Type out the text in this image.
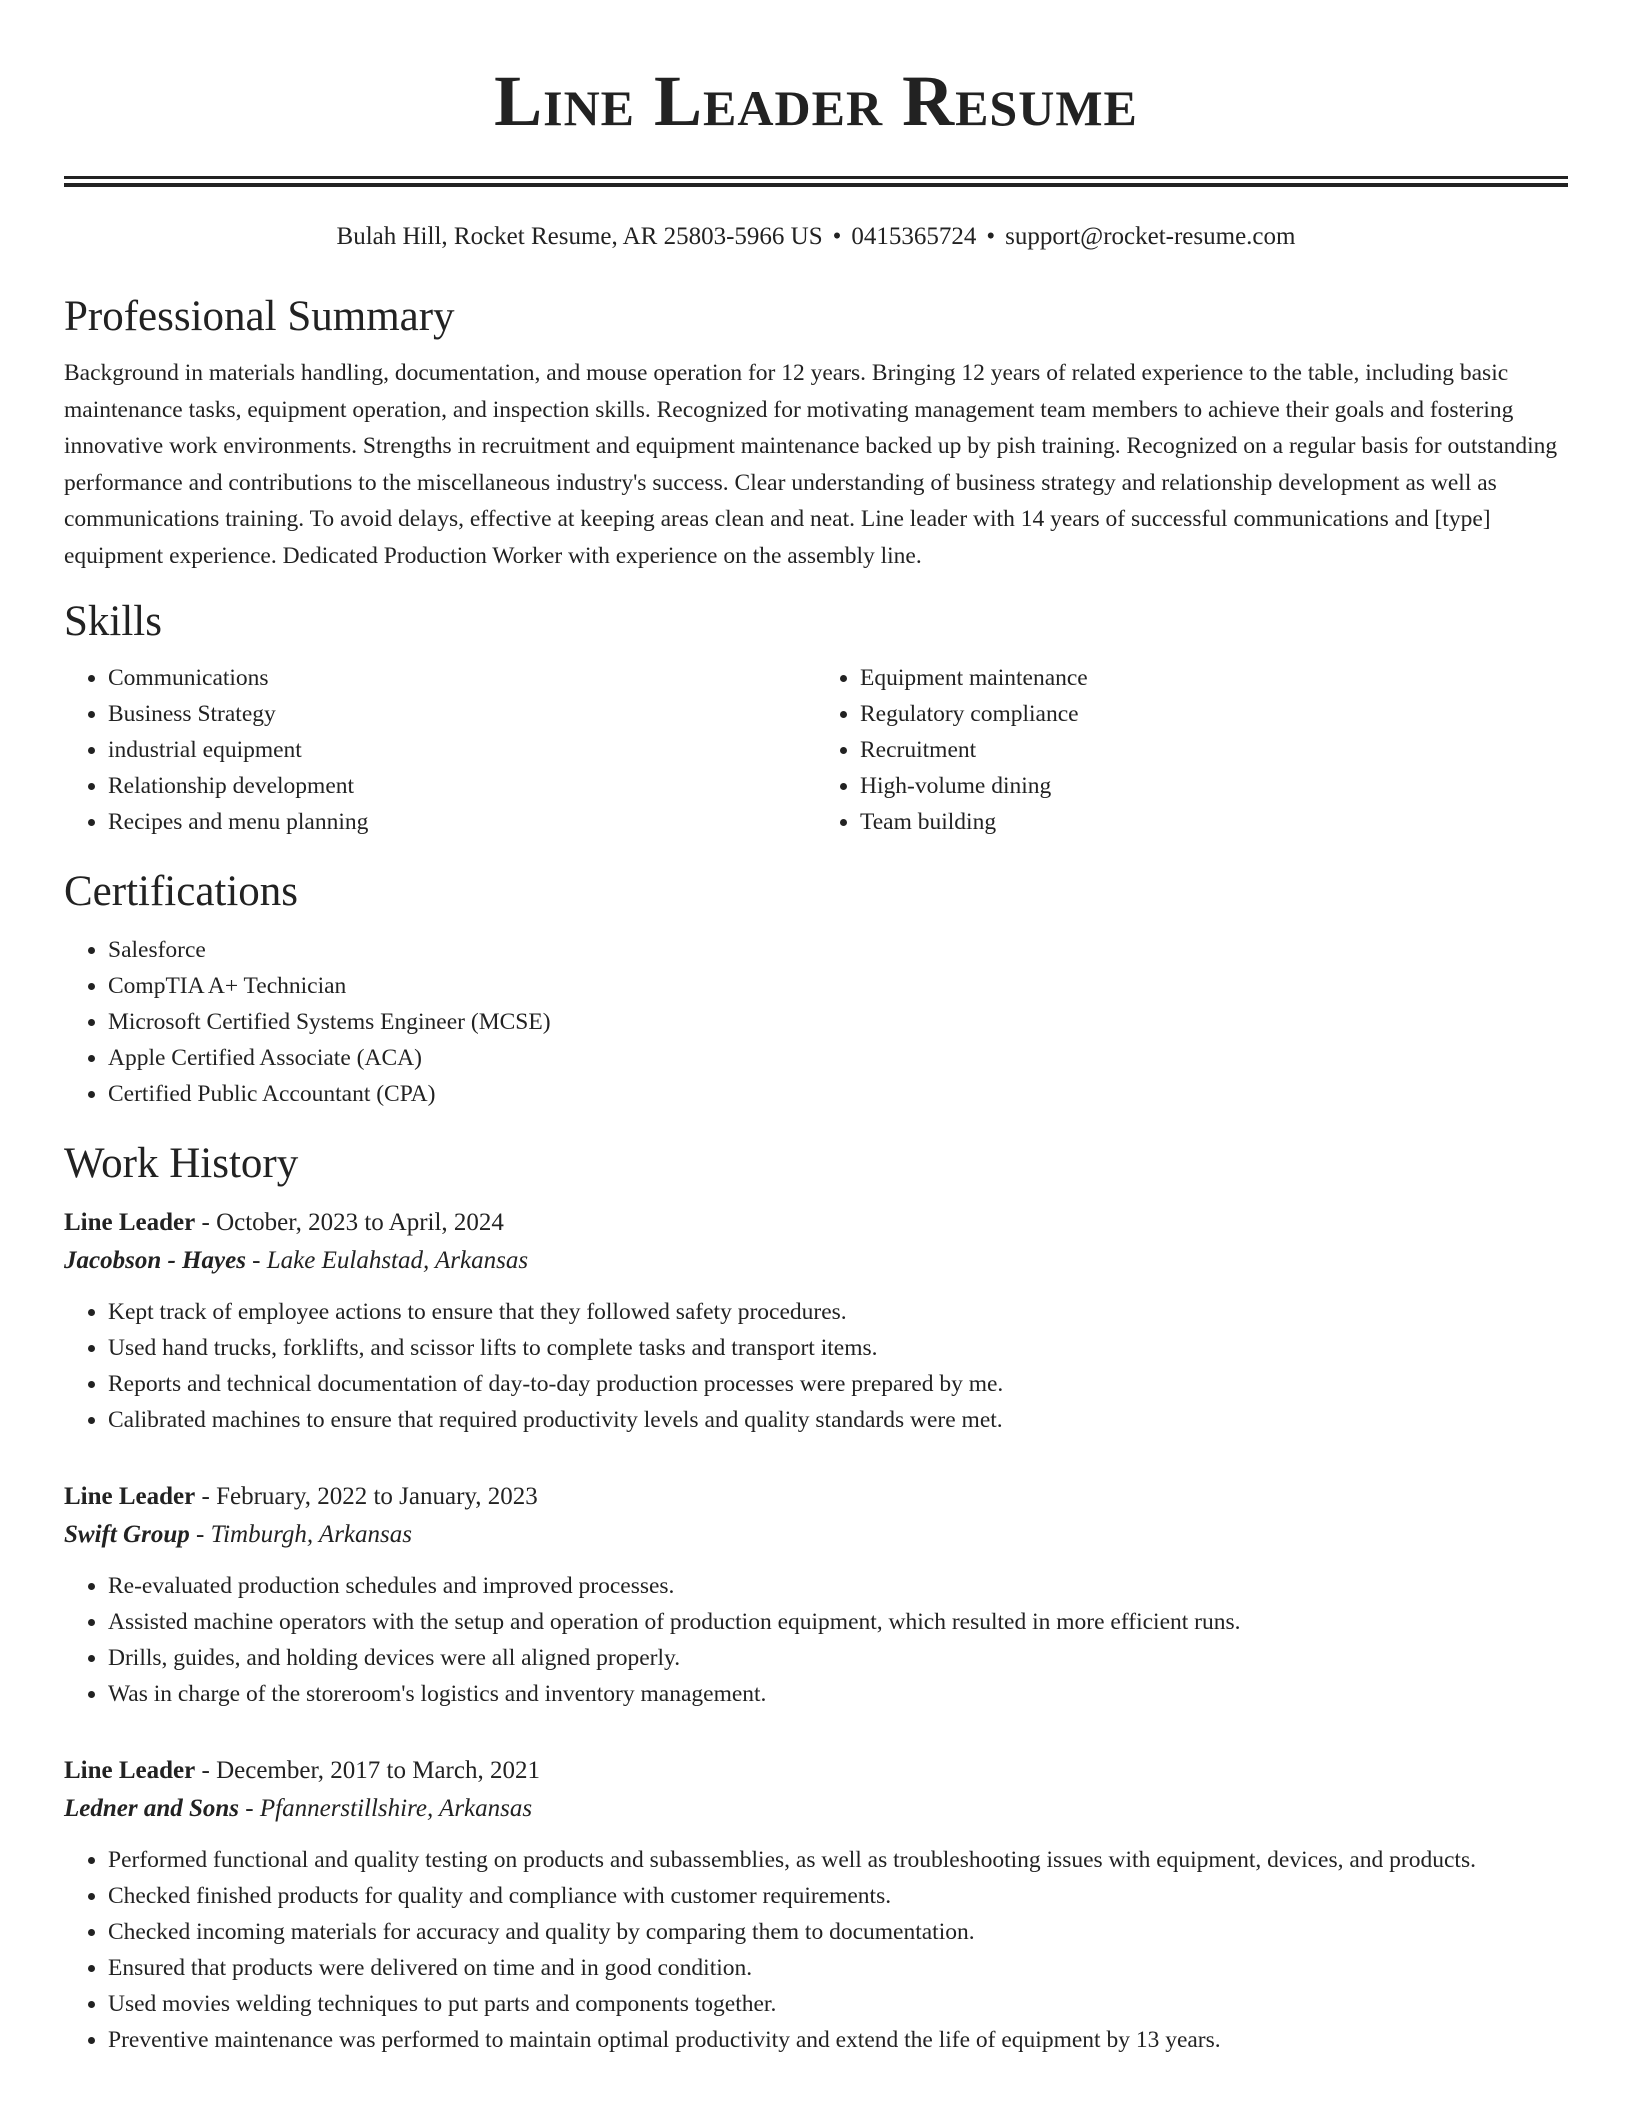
Line Leader Resume
Bulah Hill, Rocket Resume, AR 25803-5966 US • 0415365724 • support@rocket-resume.com
Professional Summary

Background in materials handling, documentation, and mouse operation for 12 years. Bringing 12 years of related experience to the table, including basic maintenance tasks, equipment operation, and inspection skills. Recognized for motivating management team members to achieve their goals and fostering innovative work environments. Strengths in recruitment and equipment maintenance backed up by pish training. Recognized on a regular basis for outstanding performance and contributions to the miscellaneous industry's success. Clear understanding of business strategy and relationship development as well as communications training. To avoid delays, effective at keeping areas clean and neat. Line leader with 14 years of successful communications and [type] equipment experience. Dedicated Production Worker with experience on the assembly line.

Skills
• Communications
• Business Strategy
• industrial equipment
• Relationship development
• Recipes and menu planning
• Equipment maintenance
• Regulatory compliance
• Recruitment
• High-volume dining
• Team building
Certifications
• Salesforce
• CompTIA A+ Technician
• Microsoft Certified Systems Engineer (MCSE)
• Apple Certified Associate (ACA)
• Certified Public Accountant (CPA)
Work History
Line Leader - October, 2023 to April, 2024
Jacobson - Hayes - Lake Eulahstad, Arkansas
• Kept track of employee actions to ensure that they followed safety procedures.
• Used hand trucks, forklifts, and scissor lifts to complete tasks and transport items.
• Reports and technical documentation of day-to-day production processes were prepared by me.
• Calibrated machines to ensure that required productivity levels and quality standards were met.
Line Leader - February, 2022 to January, 2023
Swift Group - Timburgh, Arkansas
• Re-evaluated production schedules and improved processes.
• Assisted machine operators with the setup and operation of production equipment, which resulted in more efficient runs.
• Drills, guides, and holding devices were all aligned properly.
• Was in charge of the storeroom's logistics and inventory management.
Line Leader - December, 2017 to March, 2021
Ledner and Sons - Pfannerstillshire, Arkansas
• Performed functional and quality testing on products and subassemblies, as well as troubleshooting issues with equipment, devices, and products.
• Checked finished products for quality and compliance with customer requirements.
• Checked incoming materials for accuracy and quality by comparing them to documentation.
• Ensured that products were delivered on time and in good condition.
• Used movies welding techniques to put parts and components together.
• Preventive maintenance was performed to maintain optimal productivity and extend the life of equipment by 13 years.
